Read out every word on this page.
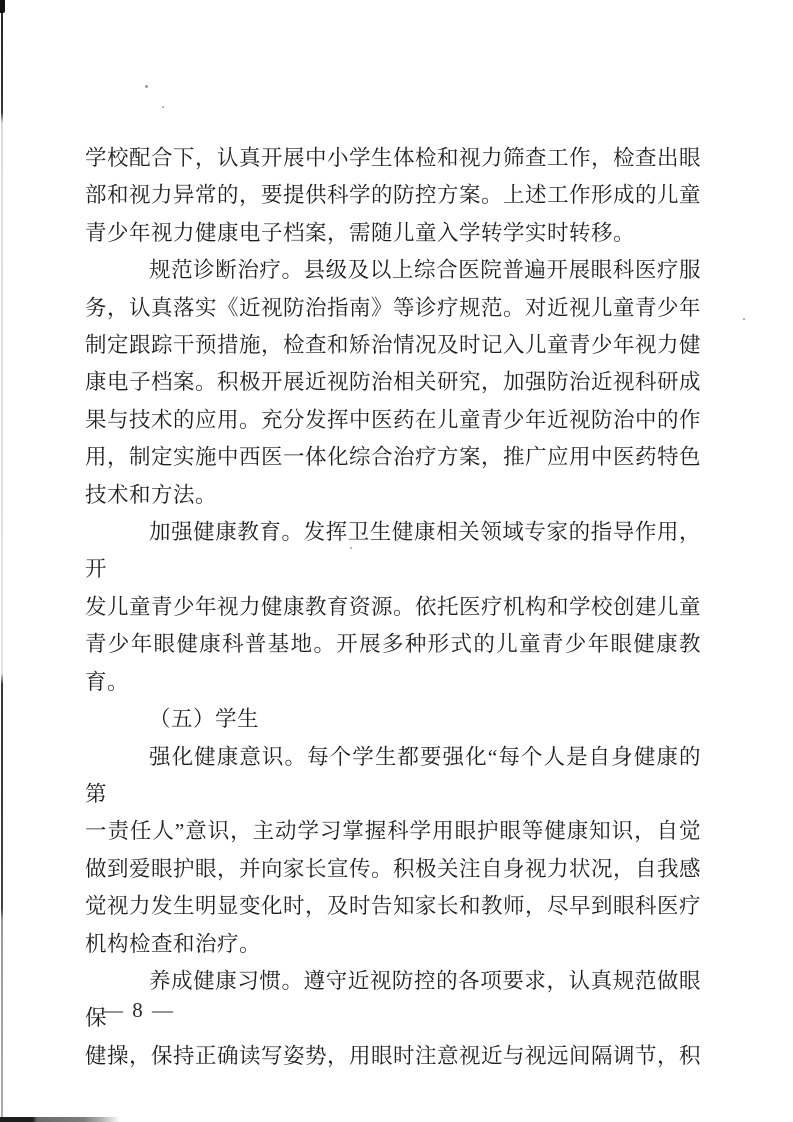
学校配合下，认真开展中小学生体检和视力筛查工作，检查出眼
部和视力异常的，要提供科学的防控方案。上述工作形成的儿童
青少年视力健康电子档案，需随儿童入学转学实时转移。
规范诊断治疗。县级及以上综合医院普遍开展眼科医疗服
务，认真落实《近视防治指南》等诊疗规范。对近视儿童青少年
制定跟踪干预措施，检查和矫治情况及时记入儿童青少年视力健
康电子档案。积极开展近视防治相关研究，加强防治近视科研成
果与技术的应用。充分发挥中医药在儿童青少年近视防治中的作
用，制定实施中西医一体化综合治疗方案，推广应用中医药特色
技术和方法。
加强健康教育。发挥卫生健康相关领域专家的指导作用，开
发儿童青少年视力健康教育资源。依托医疗机构和学校创建儿童
青少年眼健康科普基地。开展多种形式的儿童青少年眼健康教
育。
（五）学生
强化健康意识。每个学生都要强化“每个人是自身健康的第
一责任人”意识，主动学习掌握科学用眼护眼等健康知识，自觉
做到爱眼护眼，并向家长宣传。积极关注自身视力状况，自我感
觉视力发生明显变化时，及时告知家长和教师，尽早到眼科医疗
机构检查和治疗。
养成健康习惯。遵守近视防控的各项要求，认真规范做眼保
健操，保持正确读写姿势，用眼时注意视近与视远间隔调节，积
— 8 —
